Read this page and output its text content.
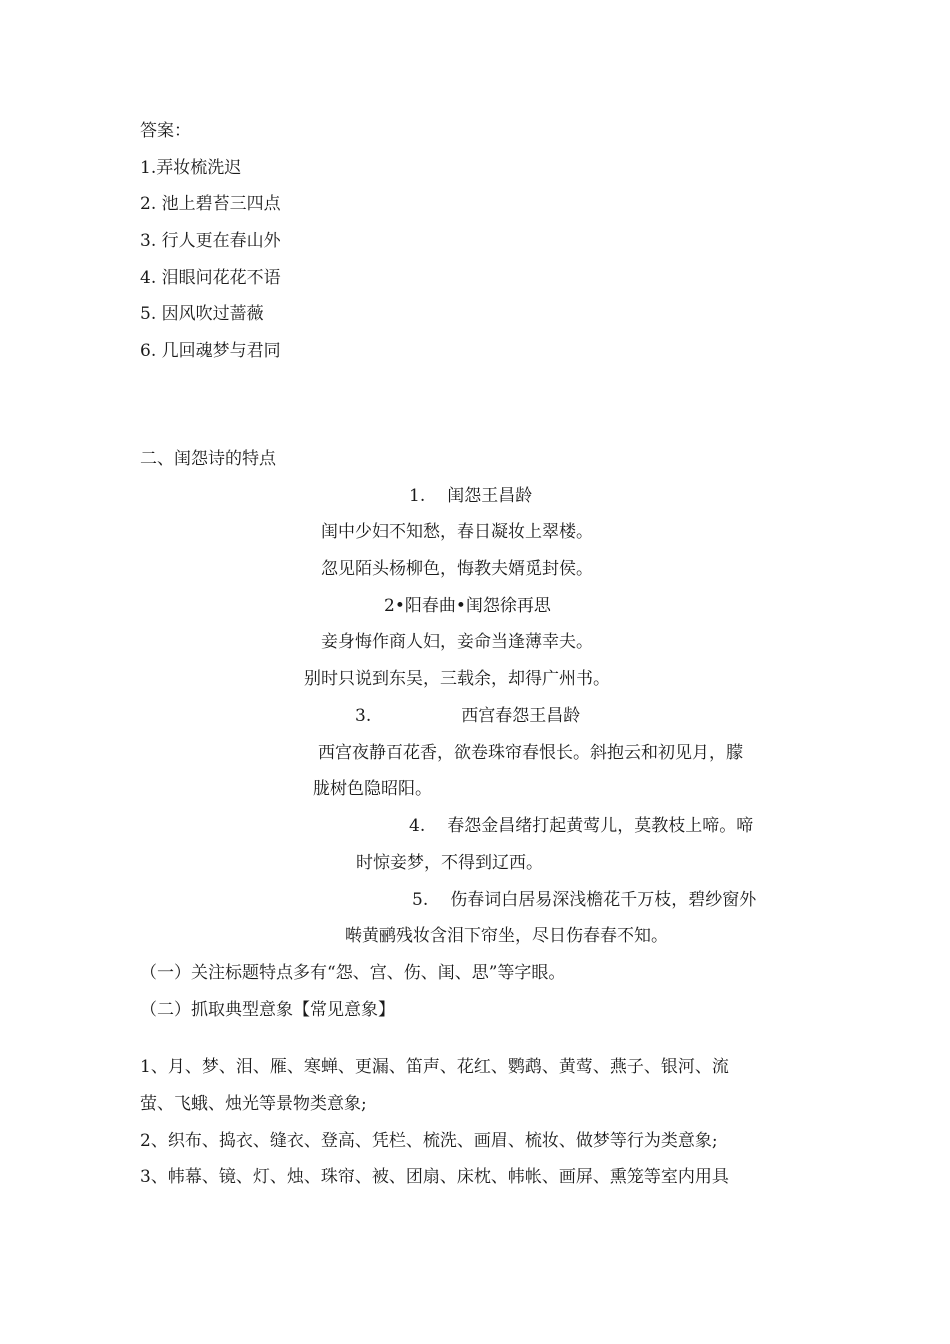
答案：
1.弄妆梳洗迟
2. 池上碧苔三四点
3. 行人更在春山外
4. 泪眼问花花不语
5. 因风吹过蔷薇
6. 几回魂梦与君同
二、闺怨诗的特点
1. 闺怨王昌龄
闺中少妇不知愁，春日凝妆上翠楼。
忽见陌头杨柳色，悔教夫婿觅封侯。
2•阳春曲•闺怨徐再思
妾身悔作商人妇，妾命当逢薄幸夫。
别时只说到东吴，三载余，却得广州书。
3.	西宫春怨王昌龄
西宫夜静百花香，欲卷珠帘春恨长。斜抱云和初见月，朦
胧树色隐昭阳。
4. 春怨金昌绪打起黄莺儿，莫教枝上啼。啼
时惊妾梦，不得到辽西。
5. 伤春词白居易深浅檐花千万枝，碧纱窗外
啭黄鹂残妆含泪下帘坐，尽日伤春春不知。
（一）关注标题特点多有“怨、宫、伤、闺、思”等字眼。
（二）抓取典型意象【常见意象】
1、月、梦、泪、雁、寒蝉、更漏、笛声、花红、鹦鹉、黄莺、燕子、银河、流
萤、飞蛾、烛光等景物类意象;
2、织布、捣衣、缝衣、登高、凭栏、梳洗、画眉、梳妆、做梦等行为类意象;
3、帏幕、镜、灯、烛、珠帘、被、团扇、床枕、帏帐、画屏、熏笼等室内用具
